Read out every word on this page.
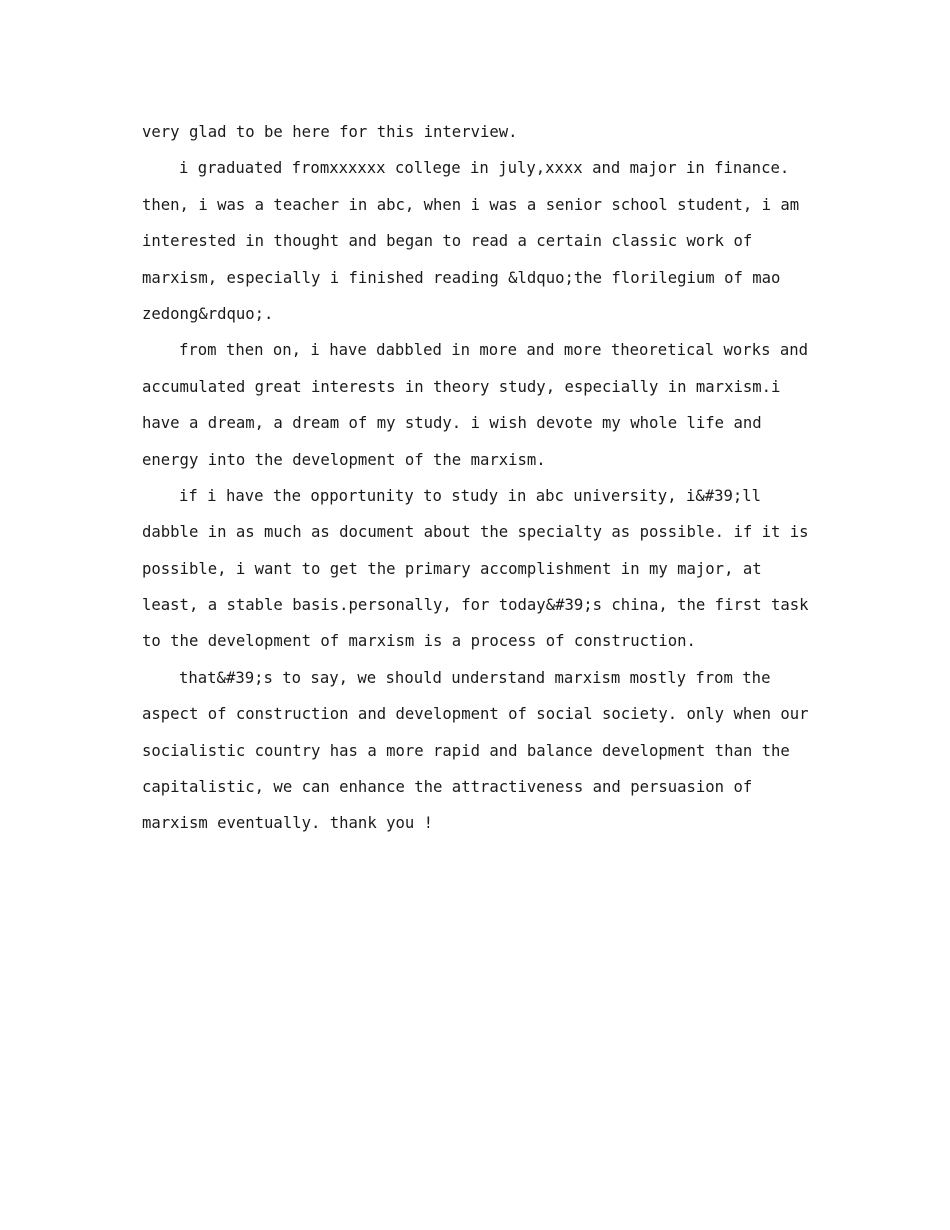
very glad to be here for this interview.
i graduated fromxxxxxx college in july,xxxx and major in finance.
then, i was a teacher in abc, when i was a senior school student, i am
interested in thought and began to read a certain classic work of
marxism, especially i finished reading &ldquo;the florilegium of mao
zedong&rdquo;.
from then on, i have dabbled in more and more theoretical works and
accumulated great interests in theory study, especially in marxism.i
have a dream, a dream of my study. i wish devote my whole life and
energy into the development of the marxism.
if i have the opportunity to study in abc university, i&#39;ll
dabble in as much as document about the specialty as possible. if it is
possible, i want to get the primary accomplishment in my major, at
least, a stable basis.personally, for today&#39;s china, the first task
to the development of marxism is a process of construction.
that&#39;s to say, we should understand marxism mostly from the
aspect of construction and development of social society. only when our
socialistic country has a more rapid and balance development than the
capitalistic, we can enhance the attractiveness and persuasion of
marxism eventually. thank you !
